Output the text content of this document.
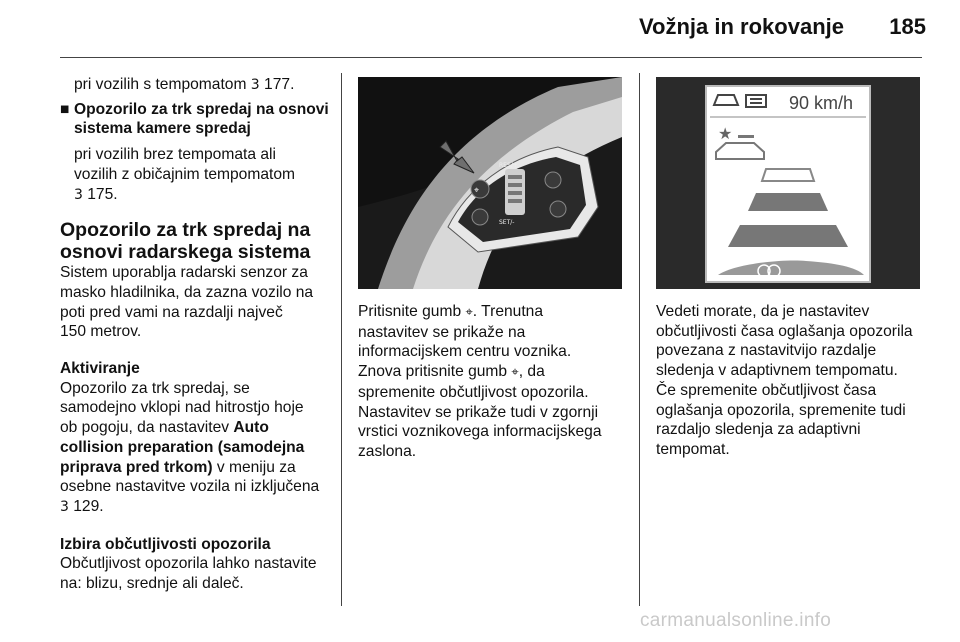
Vožnja in rokovanje	185

pri vozilih s tempomatom 3 177.

■ Opozorilo za trk spredaj na osnovi
sistema kamere spredaj

pri vozilih brez tempomata ali
vozilih z običajnim tempomatom
3 175.

Opozorilo za trk spredaj na
osnovi radarskega sistema

Sistem uporablja radarski senzor za
masko hladilnika, da zazna vozilo na
poti pred vami na razdalji največ
150 metrov.

Aktiviranje

Opozorilo za trk spredaj, se
samodejno vklopi nad hitrostjo hoje
ob pogoju, da nastavitev Auto
collision preparation (samodejna
priprava pred trkom) v meniju za
osebne nastavitve vozila ni izključena
3 129.

Izbira občutljivosti opozorila

Občutljivost opozorila lahko nastavite
na: blizu, srednje ali daleč.

RES/+
SET/-
⌖

Pritisnite gumb ⌖. Trenutna
nastavitev se prikaže na
informacijskem centru voznika.
Znova pritisnite gumb ⌖, da
spremenite občutljivost opozorila.
Nastavitev se prikaže tudi v zgornji
vrstici voznikovega informacijskega
zaslona.

90 km/h
★

Vedeti morate, da je nastavitev
občutljivosti časa oglašanja opozorila
povezana z nastavitvijo razdalje
sledenja v adaptivnem tempomatu.
Če spremenite občutljivost časa
oglašanja opozorila, spremenite tudi
razdaljo sledenja za adaptivni
tempomat.

carmanualsonline.info
